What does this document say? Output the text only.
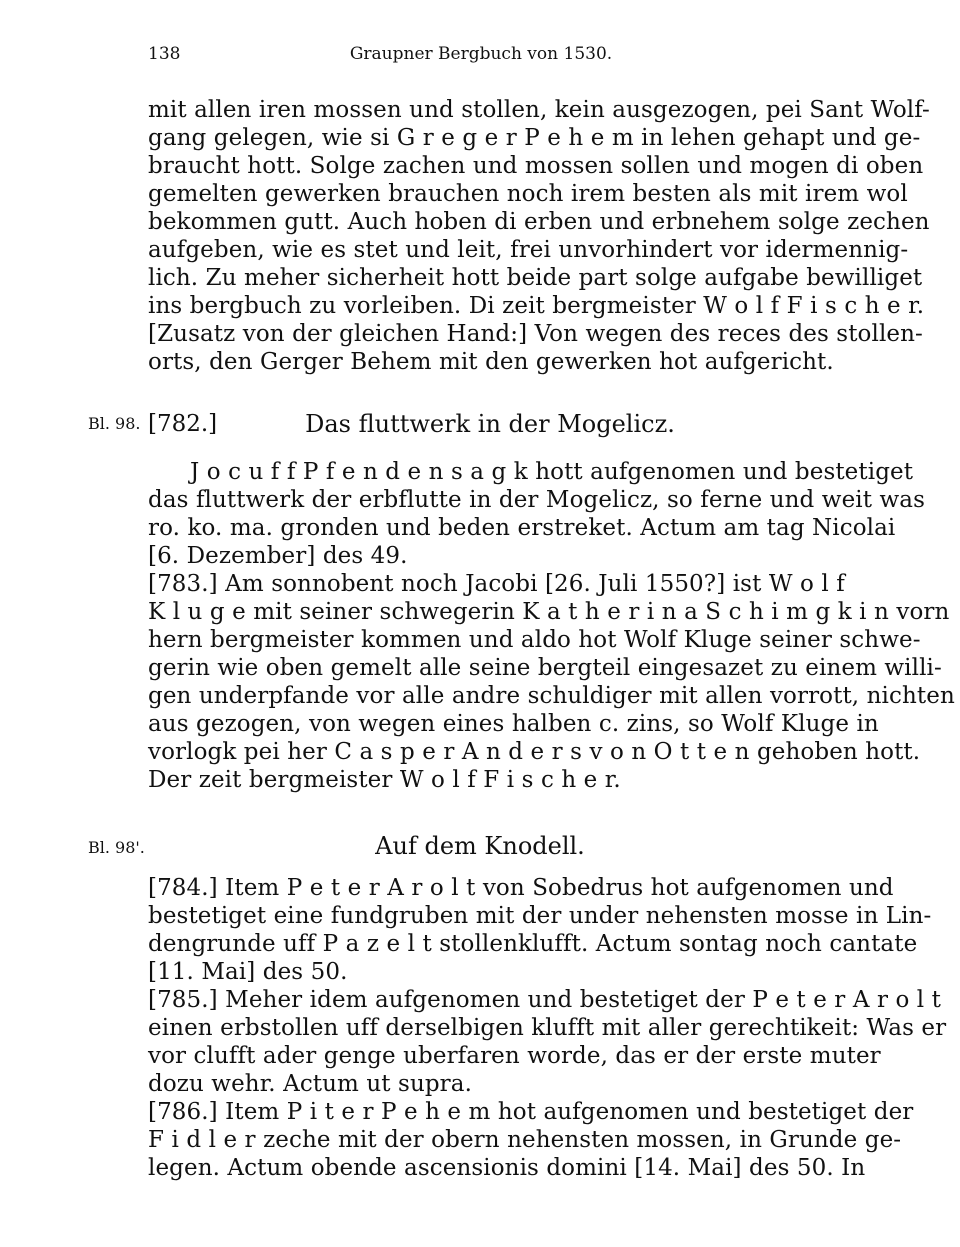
138	Graupner Bergbuch von 1530.
mit allen iren mossen und stollen, kein ausgezogen, pei Sant Wolf-
gang gelegen, wie si G r e g e r P e h e m in lehen gehapt und ge-
braucht hott. Solge zachen und mossen sollen und mogen di oben
gemelten gewerken brauchen noch irem besten als mit irem wol
bekommen gutt. Auch hoben di erben und erbnehem solge zechen
aufgeben, wie es stet und leit, frei unvorhindert vor idermennig-
lich. Zu meher sicherheit hott beide part solge aufgabe bewilliget
ins bergbuch zu vorleiben. Di zeit bergmeister W o l f F i s c h e r.
[Zusatz von der gleichen Hand:] Von wegen des reces des stollen-
orts, den Gerger Behem mit den gewerken hot aufgericht.
Bl. 98. [782.]	Das fluttwerk in der Mogelicz.
J o c u f f P f e n d e n s a g k hott aufgenomen und bestetiget
das fluttwerk der erbflutte in der Mogelicz, so ferne und weit was
ro. ko. ma. gronden und beden erstreket. Actum am tag Nicolai
[6. Dezember] des 49.
[783.] Am sonnobent noch Jacobi [26. Juli 1550?] ist W o l f
K l u g e mit seiner schwegerin K a t h e r i n a S c h i m g k i n vorn
hern bergmeister kommen und aldo hot Wolf Kluge seiner schwe-
gerin wie oben gemelt alle seine bergteil eingesazet zu einem willi-
gen underpfande vor alle andre schuldiger mit allen vorrott, nichten
aus gezogen, von wegen eines halben c. zins, so Wolf Kluge in
vorlogk pei her C a s p e r A n d e r s v o n O t t e n gehoben hott.
Der zeit bergmeister W o l f F i s c h e r.
Bl. 98'.	Auf dem Knodell.
[784.] Item P e t e r A r o l t von Sobedrus hot aufgenomen und
bestetiget eine fundgruben mit der under nehensten mosse in Lin-
dengrunde uff P a z e l t stollenklufft. Actum sontag noch cantate
[11. Mai] des 50.
[785.] Meher idem aufgenomen und bestetiget der P e t e r A r o l t
einen erbstollen uff derselbigen klufft mit aller gerechtikeit: Was er
vor clufft ader genge uberfaren worde, das er der erste muter
dozu wehr. Actum ut supra.
[786.] Item P i t e r P e h e m hot aufgenomen und bestetiget der
F i d l e r zeche mit der obern nehensten mossen, in Grunde ge-
legen. Actum obende ascensionis domini [14. Mai] des 50. In
